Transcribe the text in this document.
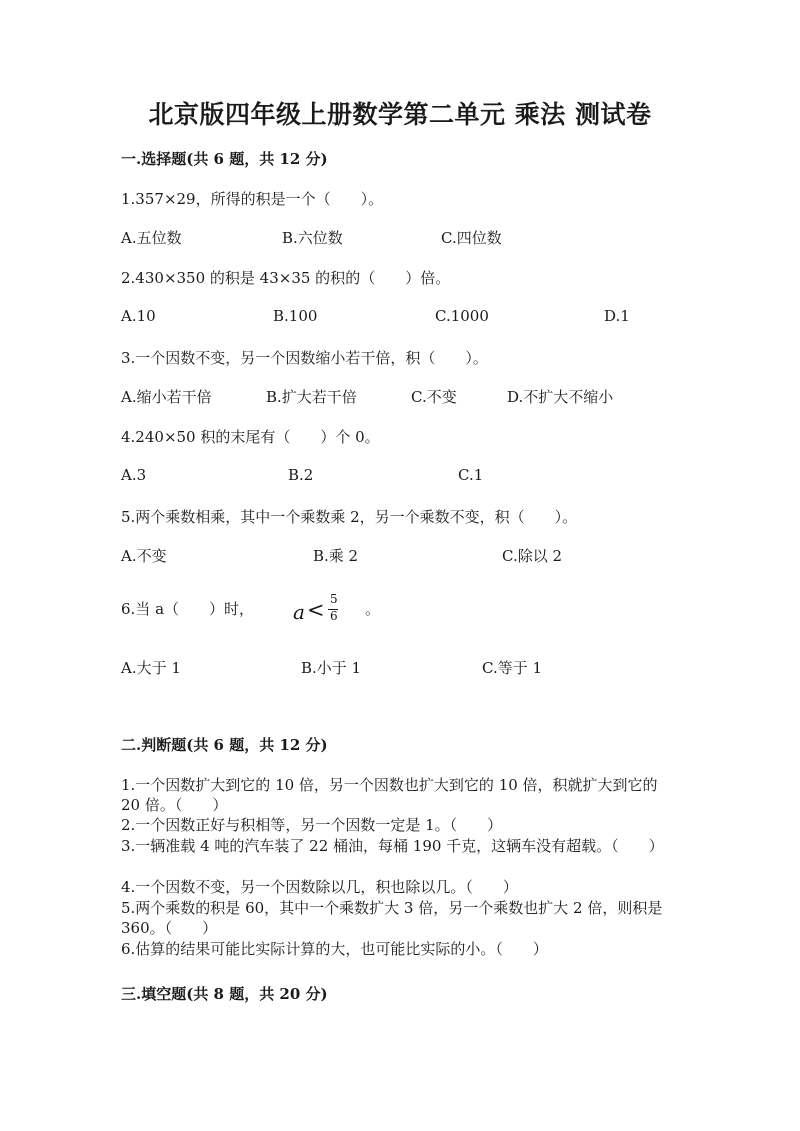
北京版四年级上册数学第二单元 乘法 测试卷
一.选择题(共 6 题，共 12 分)
1.357×29，所得的积是一个（　　）。
A.五位数	B.六位数	C.四位数
2.430×350 的积是 43×35 的积的（　　）倍。
A.10	B.100	C.1000	D.1
3.一个因数不变，另一个因数缩小若干倍，积（　　）。
A.缩小若干倍	B.扩大若干倍	C.不变	D.不扩大不缩小
4.240×50 积的末尾有（　　）个 0。
A.3	B.2	C.1
5.两个乘数相乘，其中一个乘数乘 2，另一个乘数不变，积（　　）。
A.不变	B.乘 2	C.除以 2
6.当 a（　　）时， a < 5
6 。
A.大于 1	B.小于 1	C.等于 1
二.判断题(共 6 题，共 12 分)
1.一个因数扩大到它的 10 倍，另一个因数也扩大到它的 10 倍，积就扩大到它的 20 倍。（　　）
2.一个因数正好与积相等，另一个因数一定是 1。（　　）
3.一辆准载 4 吨的汽车装了 22 桶油，每桶 190 千克，这辆车没有超载。（　　）
4.一个因数不变，另一个因数除以几，积也除以几。（　　）
5.两个乘数的积是 60，其中一个乘数扩大 3 倍，另一个乘数也扩大 2 倍，则积是 360。（　　）
6.估算的结果可能比实际计算的大，也可能比实际的小。（　　）
三.填空题(共 8 题，共 20 分)
